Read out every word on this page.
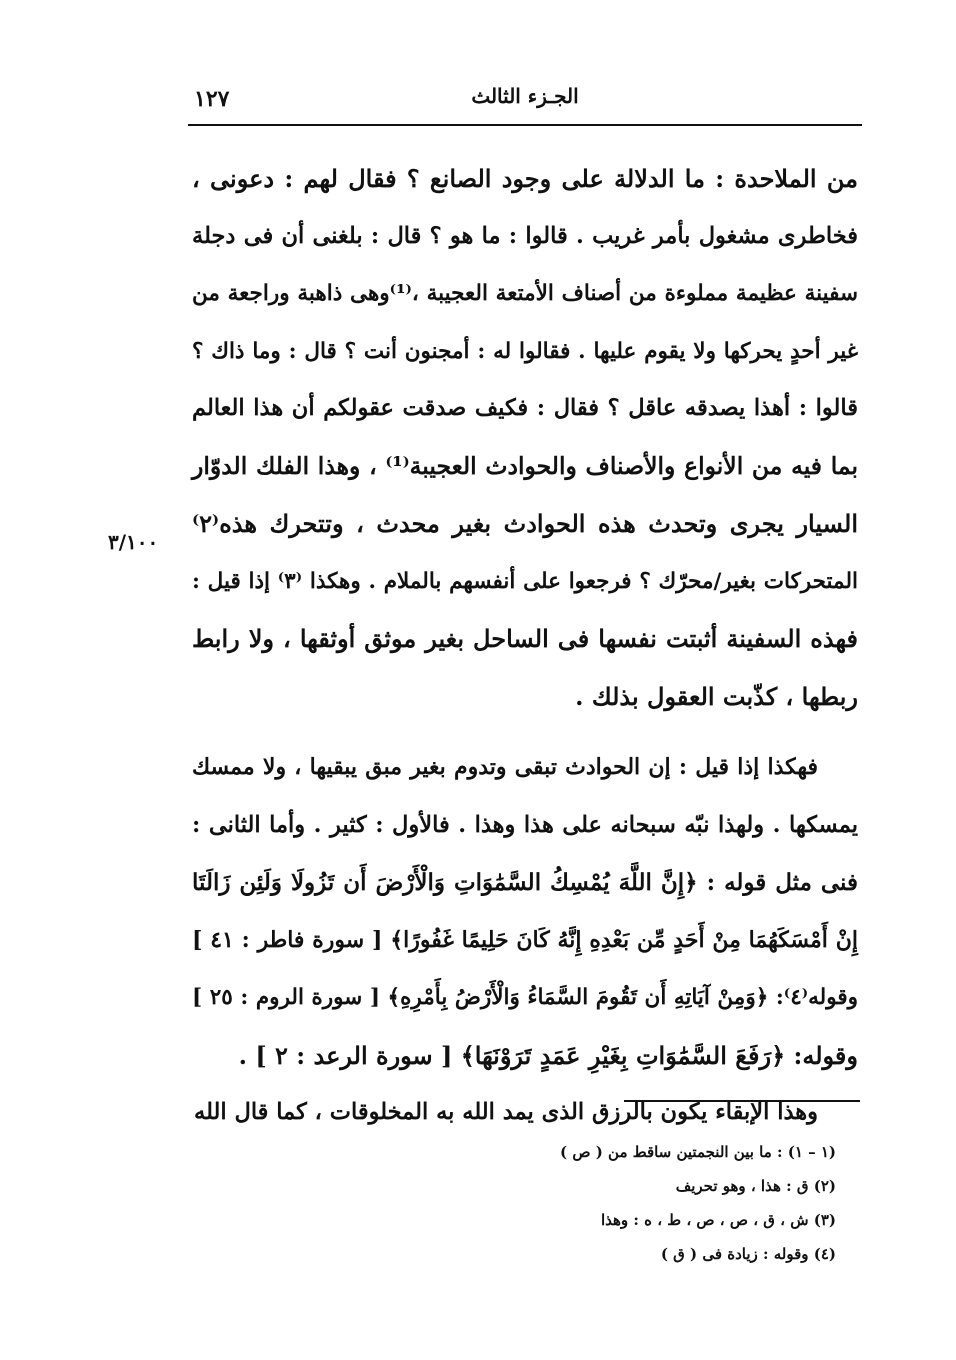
الجـزء الثالث
١٢٧
٣/١٠٠
من الملاحدة : ما الدلالة على وجود الصانع ؟ فقال لهم : دعونى ،
فخاطرى مشغول بأمر غريب . قالوا : ما هو ؟ قال : بلغنى أن فى دجلة
سفينة عظيمة مملوءة من أصناف الأمتعة العجيبة ،⁽¹⁾وهى ذاهبة وراجعة من
غير أحدٍ يحركها ولا يقوم عليها . فقالوا له : أمجنون أنت ؟ قال : وما ذاك ؟
قالوا : أهذا يصدقه عاقل ؟ فقال : فكيف صدقت عقولكم أن هذا العالم
بما فيه من الأنواع والأصناف والحوادث العجيبة⁽¹⁾ ، وهذا الفلك الدوّار
السيار يجرى وتحدث هذه الحوادث بغير محدث ، وتتحرك هذه⁽٢⁾
المتحركات بغير/محرّك ؟ فرجعوا على أنفسهم بالملام . وهكذا ⁽٣⁾ إذا قيل :
فهذه السفينة أثبتت نفسها فى الساحل بغير موثق أوثقها ، ولا رابط
ربطها ، كذّبت العقول بذلك .
فهكذا إذا قيل : إن الحوادث تبقى وتدوم بغير مبق يبقيها ، ولا ممسك
يمسكها . ولهذا نبّه سبحانه على هذا وهذا . فالأول : كثير . وأما الثانى :
فنى مثل قوله : ﴿إِنَّ اللَّهَ يُمْسِكُ السَّمَٰوَاتِ وَالْأَرْضَ أَن تَزُولَا وَلَئِن زَالَتَا
إِنْ أَمْسَكَهُمَا مِنْ أَحَدٍ مِّن بَعْدِهِ إِنَّهُ كَانَ حَلِيمًا غَفُورًا﴾ [ سورة فاطر : ٤١ ]
وقوله⁽٤⁾: ﴿وَمِنْ آيَاتِهِ أَن تَقُومَ السَّمَاءُ وَالْأَرْضُ بِأَمْرِهِ﴾ [ سورة الروم : ٢٥ ]
وقوله: ﴿رَفَعَ السَّمَٰوَاتِ بِغَيْرِ عَمَدٍ تَرَوْنَهَا﴾ [ سورة الرعد : ٢ ] .
وهذا الإبقاء يكون بالرزق الذى يمد الله به المخلوقات ، كما قال الله
(١ – ١) : ما بين النجمتين ساقط من ( ص )
(٢) ق : هذا ، وهو تحريف
(٣) ش ، ق ، ص ، ص ، ط ، ه : وهذا
(٤) وقوله : زيادة فى ( ق )
